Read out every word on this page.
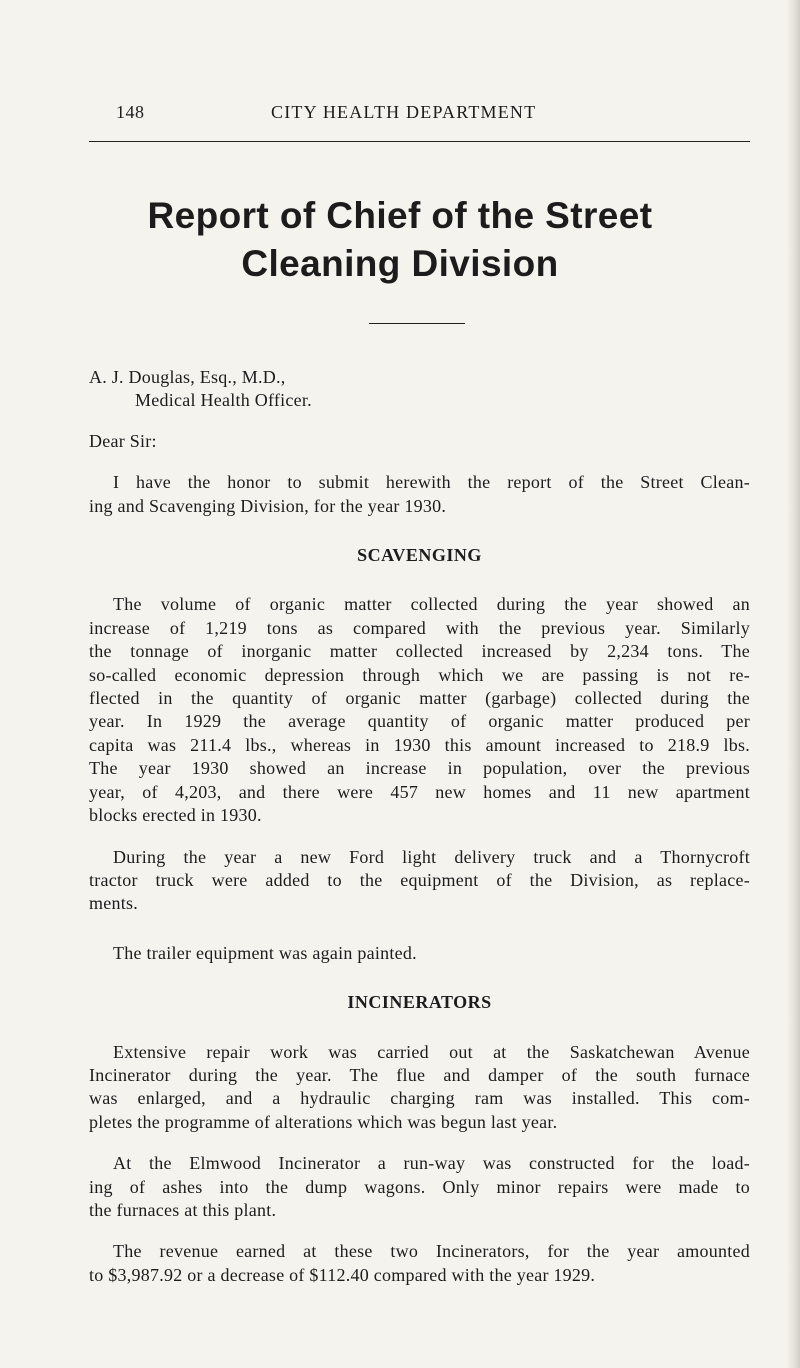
148	CITY HEALTH DEPARTMENT
Report of Chief of the Street
Cleaning Division
A. J. Douglas, Esq., M.D.,
Medical Health Officer.
Dear Sir:
I have the honor to submit herewith the report of the Street Clean-
ing and Scavenging Division, for the year 1930.
SCAVENGING
The volume of organic matter collected during the year showed an
increase of 1,219 tons as compared with the previous year. Similarly
the tonnage of inorganic matter collected increased by 2,234 tons. The
so-called economic depression through which we are passing is not re-
flected in the quantity of organic matter (garbage) collected during the
year. In 1929 the average quantity of organic matter produced per
capita was 211.4 lbs., whereas in 1930 this amount increased to 218.9 lbs.
The year 1930 showed an increase in population, over the previous
year, of 4,203, and there were 457 new homes and 11 new apartment
blocks erected in 1930.
During the year a new Ford light delivery truck and a Thornycroft
tractor truck were added to the equipment of the Division, as replace-
ments.
The trailer equipment was again painted.
INCINERATORS
Extensive repair work was carried out at the Saskatchewan Avenue
Incinerator during the year. The flue and damper of the south furnace
was enlarged, and a hydraulic charging ram was installed. This com-
pletes the programme of alterations which was begun last year.
At the Elmwood Incinerator a run-way was constructed for the load-
ing of ashes into the dump wagons. Only minor repairs were made to
the furnaces at this plant.
The revenue earned at these two Incinerators, for the year amounted
to $3,987.92 or a decrease of $112.40 compared with the year 1929.
